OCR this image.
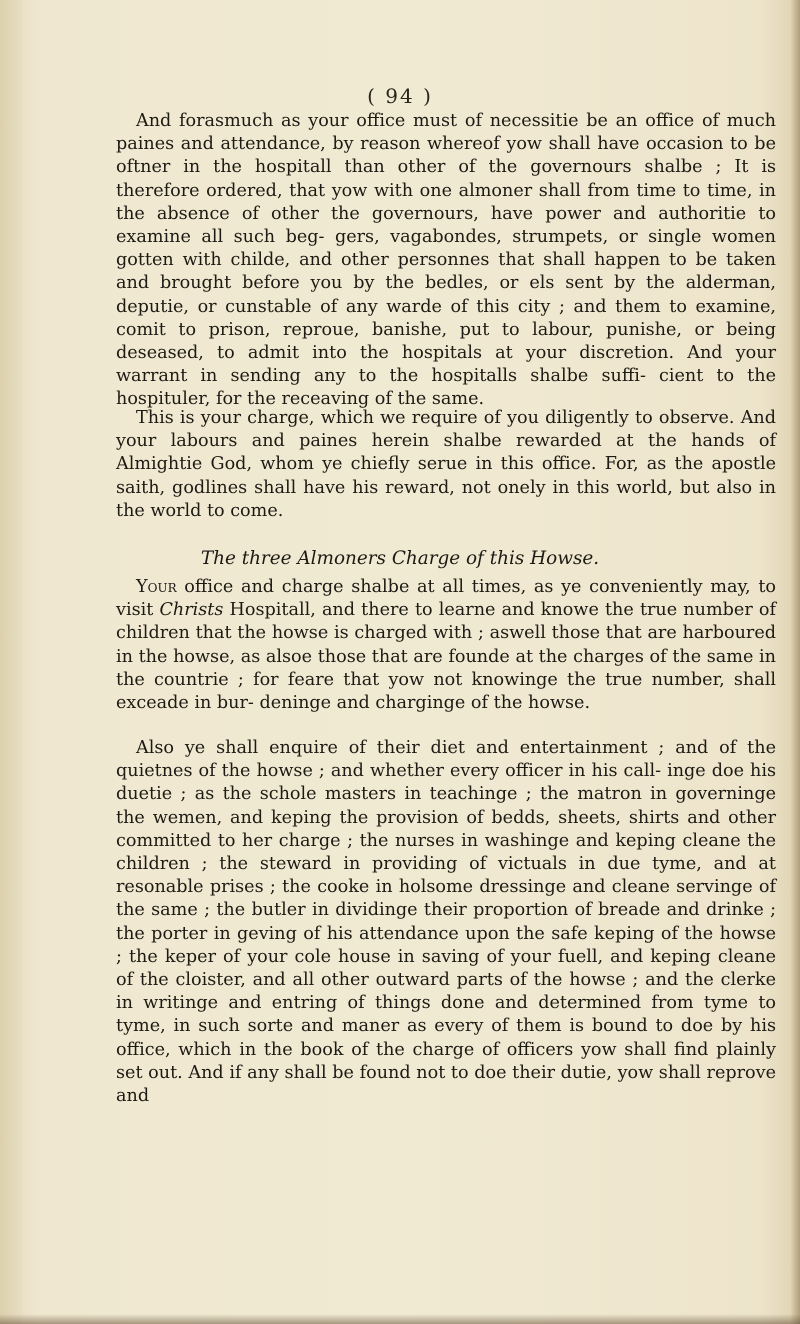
( 94 )

And forasmuch as your office must of necessitie be an office of much paines and attendance, by reason whereof yow shall have occasion to be oftner in the hospitall than other of the governours shalbe ; It is therefore ordered, that yow with one almoner shall from time to time, in the absence of other the governours, have power and authoritie to examine all such beg- gers, vagabondes, strumpets, or single women gotten with childe, and other personnes that shall happen to be taken and brought before you by the bedles, or els sent by the alderman, deputie, or cunstable of any warde of this city ; and them to examine, comit to prison, reproue, banishe, put to labour, punishe, or being deseased, to admit into the hospitals at your discretion. And your warrant in sending any to the hospitalls shalbe suffi- cient to the hospituler, for the receaving of the same.

This is your charge, which we require of you diligently to observe. And your labours and paines herein shalbe rewarded at the hands of Almightie God, whom ye chiefly serue in this office. For, as the apostle saith, godlines shall have his reward, not onely in this world, but also in the world to come.

The three Almoners Charge of this Howse.

Your office and charge shalbe at all times, as ye conveniently may, to visit Christs Hospitall, and there to learne and knowe the true number of children that the howse is charged with ; aswell those that are harboured in the howse, as alsoe those that are founde at the charges of the same in the countrie ; for feare that yow not knowinge the true number, shall exceade in bur- deninge and charginge of the howse.

Also ye shall enquire of their diet and entertainment ; and of the quietnes of the howse ; and whether every officer in his call- inge doe his duetie ; as the schole masters in teachinge ; the matron in governinge the wemen, and keping the provision of bedds, sheets, shirts and other committed to her charge ; the nurses in washinge and keping cleane the children ; the steward in providing of victuals in due tyme, and at resonable prises ; the cooke in holsome dressinge and cleane servinge of the same ; the butler in dividinge their proportion of breade and drinke ; the porter in geving of his attendance upon the safe keping of the howse ; the keper of your cole house in saving of your fuell, and keping cleane of the cloister, and all other outward parts of the howse ; and the clerke in writinge and entring of things done and determined from tyme to tyme, in such sorte and maner as every of them is bound to doe by his office, which in the book of the charge of officers yow shall find plainly set out. And if any shall be found not to doe their dutie, yow shall reprove and
